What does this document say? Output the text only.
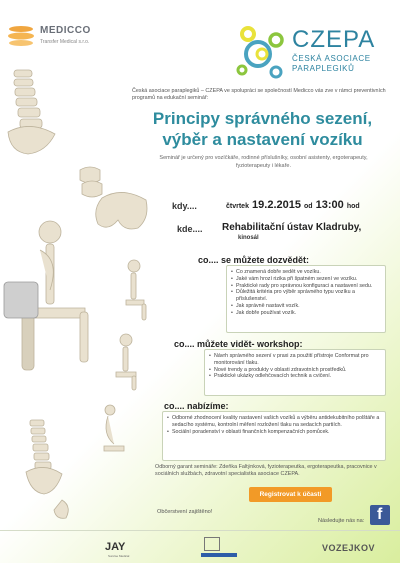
MEDICCO
Transfer Medical s.r.o.	CZEPA
ČESKÁ ASOCIACE
PARAPLEGIKŮ

Česká asociace paraplegiků – CZEPA ve spolupráci se společností Medicco vás zve v rámci preventivních programů na edukační seminář:

Principy správného sezení,
výběr a nastavení vozíku

Seminář je určený pro vozíčkáře, rodinné příslušníky, osobní asistenty, ergoterapeuty, fyzioterapeuty i lékaře.

kdy....	čtvrtek 19.2.2015 od 13:00 hod
kde.... Rehabilitační ústav Kladruby,
kinosál
co.... se můžete dozvědět:
• Co znamená dobře sedět ve vozíku.
• Jaké vám hrozí rizika při špatném sezení ve vozíku.
• Praktické rady pro správnou konfiguraci a nastavení sedu.
• Důležitá kritéria pro výběr správného typu vozíku a příslušenství.
• Jak správně nastavit vozík.
• Jak dobře používat vozík.
co.... můžete vidět- workshop:
• Návrh správného sezení v praxi za použití přístroje Conformat pro monitorování tlaku.
• Nové trendy a produkty v oblasti zdravotních prostředků.
• Praktické ukázky odlehčovacích technik a cvičení.
co.... nabízíme:
• Odborné zhodnocení kvality nastavení vašich vozíků a výběru antidekubitního polštáře a sedacího systému, kontrolní měření rozložení tlaku na sedacích partiích.
• Sociální poradenství v oblasti finančních kompenzačních pomůcek.

Odborný garant semináře: Zdeňka Faltýnková, fyzioterapeutka, ergoterapeutka, pracovnice v sociálních službách, zdravotní specialistka asociace CZEPA.

Registrovat k účasti
Občerstvení zajištěno!
Následujte nás na: f
JAY
Sunrise Medical
VOZEJKOV
